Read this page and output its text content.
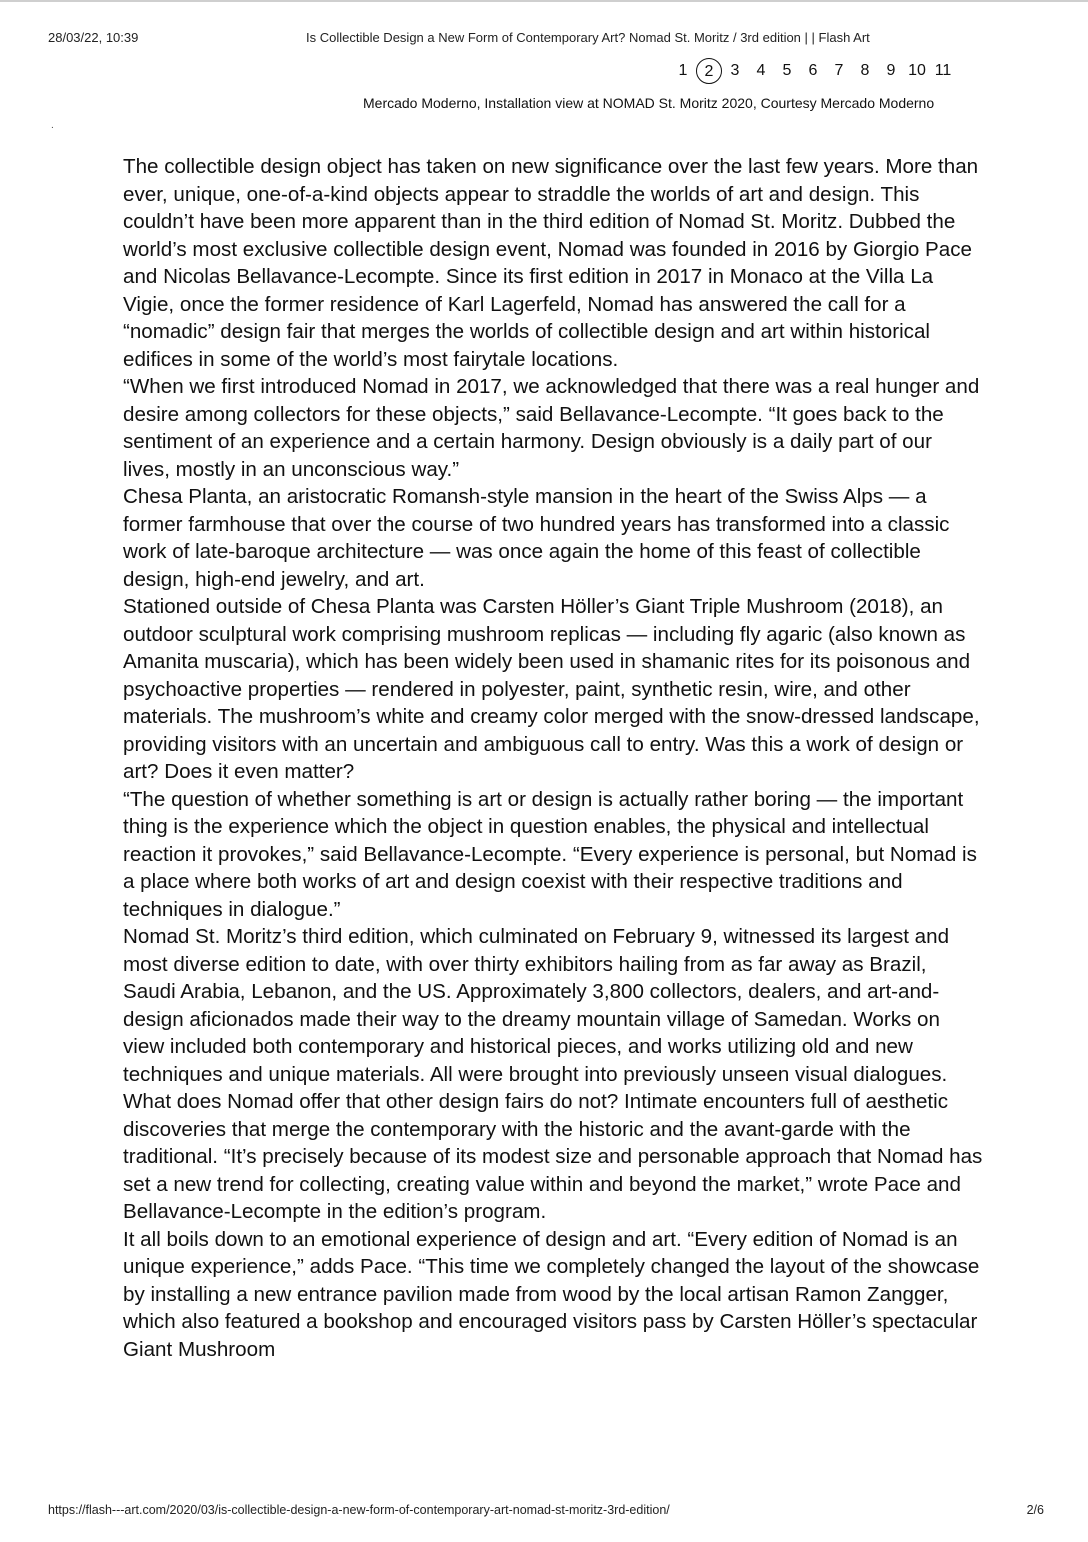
28/03/22, 10:39	Is Collectible Design a New Form of Contemporary Art? Nomad St. Moritz / 3rd edition | | Flash Art
1	2	3	4	5	6	7	8	9 10 11
Mercado Moderno, Installation view at NOMAD St. Moritz 2020, Courtesy Mercado Moderno
.

The collectible design object has taken on new significance over the last few years. More than ever, unique, one-of-a-kind objects appear to straddle the worlds of art and design. This couldn’t have been more apparent than in the third edition of Nomad St. Moritz. Dubbed the world’s most exclusive collectible design event, Nomad was founded in 2016 by Giorgio Pace and Nicolas Bellavance-Lecompte. Since its first edition in 2017 in Monaco at the Villa La Vigie, once the former residence of Karl Lagerfeld, Nomad has answered the call for a “nomadic” design fair that merges the worlds of collectible design and art within historical edifices in some of the world’s most fairytale locations.

“When we first introduced Nomad in 2017, we acknowledged that there was a real hunger and desire among collectors for these objects,” said Bellavance-Lecompte. “It goes back to the sentiment of an experience and a certain harmony. Design obviously is a daily part of our lives, mostly in an unconscious way.”

Chesa Planta, an aristocratic Romansh-style mansion in the heart of the Swiss Alps — a former farmhouse that over the course of two hundred years has transformed into a classic work of late-baroque architecture — was once again the home of this feast of collectible design, high-end jewelry, and art.

Stationed outside of Chesa Planta was Carsten Höller’s Giant Triple Mushroom (2018), an outdoor sculptural work comprising mushroom replicas — including fly agaric (also known as Amanita muscaria), which has been widely been used in shamanic rites for its poisonous and psychoactive properties — rendered in polyester, paint, synthetic resin, wire, and other materials. The mushroom’s white and creamy color merged with the snow-dressed landscape, providing visitors with an uncertain and ambiguous call to entry. Was this a work of design or art? Does it even matter?

“The question of whether something is art or design is actually rather boring — the important thing is the experience which the object in question enables, the physical and intellectual reaction it provokes,” said Bellavance-Lecompte. “Every experience is personal, but Nomad is a place where both works of art and design coexist with their respective traditions and techniques in dialogue.”

Nomad St. Moritz’s third edition, which culminated on February 9, witnessed its largest and most diverse edition to date, with over thirty exhibitors hailing from as far away as Brazil, Saudi Arabia, Lebanon, and the US. Approximately 3,800 collectors, dealers, and art-and-design aficionados made their way to the dreamy mountain village of Samedan. Works on view included both contemporary and historical pieces, and works utilizing old and new techniques and unique materials. All were brought into previously unseen visual dialogues.

What does Nomad offer that other design fairs do not? Intimate encounters full of aesthetic discoveries that merge the contemporary with the historic and the avant-garde with the traditional. “It’s precisely because of its modest size and personable approach that Nomad has set a new trend for collecting, creating value within and beyond the market,” wrote Pace and Bellavance-Lecompte in the edition’s program.

It all boils down to an emotional experience of design and art. “Every edition of Nomad is an unique experience,” adds Pace. “This time we completely changed the layout of the showcase by installing a new entrance pavilion made from wood by the local artisan Ramon Zangger, which also featured a bookshop and encouraged visitors pass by Carsten Höller’s spectacular Giant Mushroom

https://flash---art.com/2020/03/is-collectible-design-a-new-form-of-contemporary-art-nomad-st-moritz-3rd-edition/	2/6
